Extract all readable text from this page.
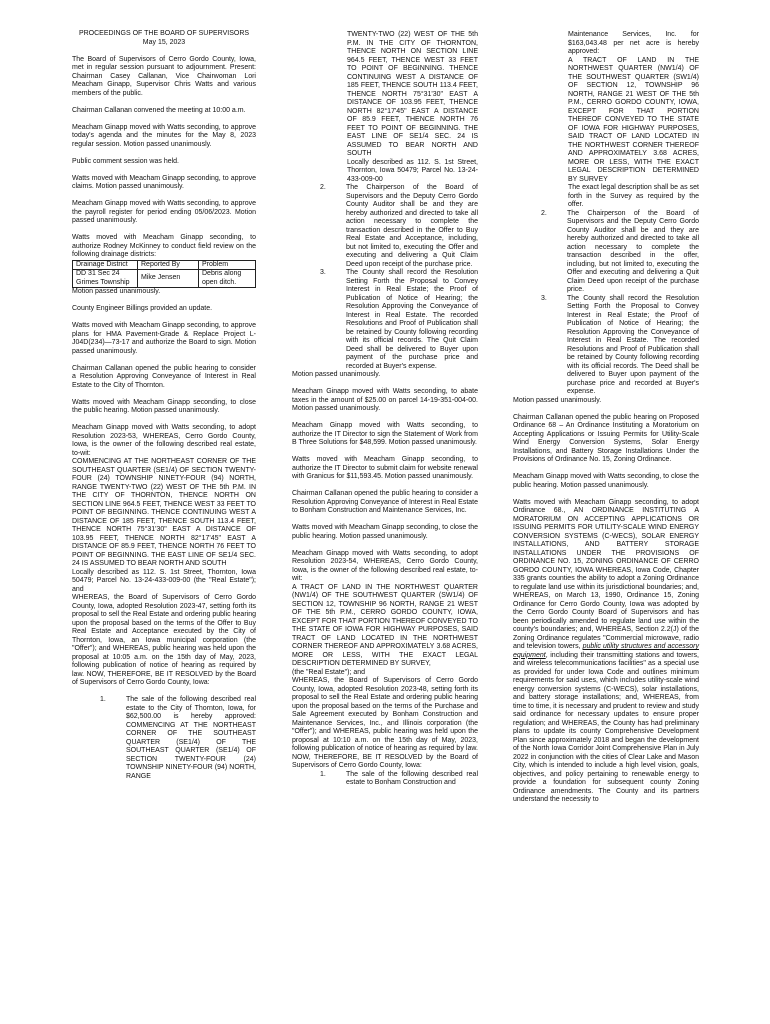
PROCEEDINGS OF THE BOARD OF SUPERVISORS

May 15, 2023

The Board of Supervisors of Cerro Gordo County, Iowa, met in regular session pursuant to adjournment. Present: Chairman Casey Callanan, Vice Chairwoman Lori Meacham Ginapp, Supervisor Chris Watts and various members of the public.

Chairman Callanan convened the meeting at 10:00 a.m.

Meacham Ginapp moved with Watts seconding, to approve today's agenda and the minutes for the May 8, 2023 regular session. Motion passed unanimously.

Public comment session was held.

Watts moved with Meacham Ginapp seconding, to approve claims. Motion passed unanimously.

Meacham Ginapp moved with Watts seconding, to approve the payroll register for period ending 05/06/2023. Motion passed unanimously.

Watts moved with Meacham Ginapp seconding, to authorize Rodney McKinney to conduct field review on the following drainage districts:

Drainage District	Reported By	Problem
DD 31 Sec 24 Grimes Township	Mike Jensen	Debris along open ditch.

Motion passed unanimously.

County Engineer Billings provided an update.

Watts moved with Meacham Ginapp seconding, to approve plans for HMA Pavement-Grade & Replace Project L-J04D(234)—73-17 and authorize the Board to sign. Motion passed unanimously.

Chairman Callanan opened the public hearing to consider a Resolution Approving Conveyance of Interest in Real Estate to the City of Thornton.

Watts moved with Meacham Ginapp seconding, to close the public hearing. Motion passed unanimously.

Meacham Ginapp moved with Watts seconding, to adopt Resolution 2023-53, WHEREAS, Cerro Gordo County, Iowa, is the owner of the following described real estate, to-wit:

COMMENCING AT THE NORTHEAST CORNER OF THE SOUTHEAST QUARTER (SE1/4) OF SECTION TWENTY-FOUR (24) TOWNSHIP NINETY-FOUR (94) NORTH, RANGE TWENTY-TWO (22) WEST OF THE 5th P.M. IN THE CITY OF THORNTON, THENCE NORTH ON SECTION LINE 964.5 FEET, THENCE WEST 33 FEET TO POINT OF BEGINNING. THENCE CONTINUING WEST A DISTANCE OF 185 FEET, THENCE SOUTH 113.4 FEET, THENCE NORTH 75°31'30" EAST A DISTANCE OF 103.95 FEET, THENCE NORTH 82°17'45" EAST A DISTANCE OF 85.9 FEET, THENCE NORTH 76 FEET TO POINT OF BEGINNING. THE EAST LINE OF SE1/4 SEC. 24 IS ASSUMED TO BEAR NORTH AND SOUTH

Locally described as 112. S. 1st Street, Thornton, Iowa 50479; Parcel No. 13-24-433-009-00 (the "Real Estate"); and

WHEREAS, the Board of Supervisors of Cerro Gordo County, Iowa, adopted Resolution 2023-47, setting forth its proposal to sell the Real Estate and ordering public hearing upon the proposal based on the terms of the Offer to Buy Real Estate and Acceptance executed by the City of Thornton, Iowa, an Iowa municipal corporation (the "Offer"); and WHEREAS, public hearing was held upon the proposal at 10:05 a.m. on the 15th day of May, 2023, following publication of notice of hearing as required by law. NOW, THEREFORE, BE IT RESOLVED by the Board of Supervisors of Cerro Gordo County, Iowa:

1.	The sale of the following described real estate to the City of Thornton, Iowa, for $62,500.00 is hereby approved: COMMENCING AT THE NORTHEAST CORNER OF THE SOUTHEAST QUARTER (SE1/4) OF THE SOUTHEAST QUARTER (SE1/4) OF SECTION TWENTY-FOUR (24) TOWNSHIP NINETY-FOUR (94) NORTH, RANGE

TWENTY-TWO (22) WEST OF THE 5th P.M. IN THE CITY OF THORNTON, THENCE NORTH ON SECTION LINE 964.5 FEET, THENCE WEST 33 FEET TO POINT OF BEGINNING. THENCE CONTINUING WEST A DISTANCE OF 185 FEET, THENCE SOUTH 113.4 FEET, THENCE NORTH 75°31'30" EAST A DISTANCE OF 103.95 FEET, THENCE NORTH 82°17'45" EAST A DISTANCE OF 85.9 FEET, THENCE NORTH 76 FEET TO POINT OF BEGINNING. THE EAST LINE OF SE1/4 SEC. 24 IS ASSUMED TO BEAR NORTH AND SOUTH

Locally described as 112. S. 1st Street, Thornton, Iowa 50479; Parcel No. 13-24-433-009-00

2.	The Chairperson of the Board of Supervisors and the Deputy Cerro Gordo County Auditor shall be and they are hereby authorized and directed to take all action necessary to complete the transaction described in the Offer to Buy Real Estate and Acceptance, including, but not limited to, executing the Offer and executing and delivering a Quit Claim Deed upon receipt of the purchase price.
3.	The County shall record the Resolution Setting Forth the Proposal to Convey Interest in Real Estate; the Proof of Publication of Notice of Hearing; the Resolution Approving the Conveyance of Interest in Real Estate. The recorded Resolutions and Proof of Publication shall be retained by County following recording with its official records. The Quit Claim Deed shall be delivered to Buyer upon payment of the purchase price and recorded at Buyer's expense.

Motion passed unanimously.

Meacham Ginapp moved with Watts seconding, to abate taxes in the amount of $25.00 on parcel 14-19-351-004-00. Motion passed unanimously.

Meacham Ginapp moved with Watts seconding, to authorize the IT Director to sign the Statement of Work from B Three Solutions for $48,599. Motion passed unanimously.

Watts moved with Meacham Ginapp seconding, to authorize the IT Director to submit claim for website renewal with Granicus for $11,593.45. Motion passed unanimously.

Chairman Callanan opened the public hearing to consider a Resolution Approving Conveyance of Interest in Real Estate to Bonham Construction and Maintenance Services, Inc.

Watts moved with Meacham Ginapp seconding, to close the public hearing. Motion passed unanimously.

Meacham Ginapp moved with Watts seconding, to adopt Resolution 2023-54, WHEREAS, Cerro Gordo County, Iowa, is the owner of the following described real estate, to-wit:

A TRACT OF LAND IN THE NORTHWEST QUARTER (NW1/4) OF THE SOUTHWEST QUARTER (SW1/4) OF SECTION 12, TOWNSHIP 96 NORTH, RANGE 21 WEST OF THE 5th P.M., CERRO GORDO COUNTY, IOWA, EXCEPT FOR THAT PORTION THEREOF CONVEYED TO THE STATE OF IOWA FOR HIGHWAY PURPOSES, SAID TRACT OF LAND LOCATED IN THE NORTHWEST CORNER THEREOF AND APPROXIMATELY 3.68 ACRES, MORE OR LESS, WITH THE EXACT LEGAL DESCRIPTION DETERMINED BY SURVEY,

(the "Real Estate"); and

WHEREAS, the Board of Supervisors of Cerro Gordo County, Iowa, adopted Resolution 2023-48, setting forth its proposal to sell the Real Estate and ordering public hearing upon the proposal based on the terms of the Purchase and Sale Agreement executed by Bonham Construction and Maintenance Services, Inc., and Illinois corporation (the "Offer"); and WHEREAS, public hearing was held upon the proposal at 10:10 a.m. on the 15th day of May, 2023, following publication of notice of hearing as required by law. NOW, THEREFORE, BE IT RESOLVED by the Board of Supervisors of Cerro Gordo County, Iowa:

1.	The sale of the following described real estate to Bonham Construction and

Maintenance Services, Inc. for $163,043.48 per net acre is hereby approved:

A TRACT OF LAND IN THE NORTHWEST QUARTER (NW1/4) OF THE SOUTHWEST QUARTER (SW1/4) OF SECTION 12, TOWNSHIP 96 NORTH, RANGE 21 WEST OF THE 5th P.M., CERRO GORDO COUNTY, IOWA, EXCEPT FOR THAT PORTION THEREOF CONVEYED TO THE STATE OF IOWA FOR HIGHWAY PURPOSES, SAID TRACT OF LAND LOCATED IN THE NORTHWEST CORNER THEREOF AND APPROXIMATELY 3.68 ACRES, MORE OR LESS, WITH THE EXACT LEGAL DESCRIPTION DETERMINED BY SURVEY

The exact legal description shall be as set forth in the Survey as required by the offer.

2.	The Chairperson of the Board of Supervisors and the Deputy Cerro Gordo County Auditor shall be and they are hereby authorized and directed to take all action necessary to complete the transaction described in the offer, including, but not limited to, executing the Offer and executing and delivering a Quit Claim Deed upon receipt of the purchase price.
3.	The County shall record the Resolution Setting Forth the Proposal to Convey Interest in Real Estate; the Proof of Publication of Notice of Hearing; the Resolution Approving the Conveyance of Interest in Real Estate. The recorded Resolutions and Proof of Publication shall be retained by County following recording with its official records. The Deed shall be delivered to Buyer upon payment of the purchase price and recorded at Buyer's expense.

Motion passed unanimously.

Chairman Callanan opened the public hearing on Proposed Ordinance 68 – An Ordinance Instituting a Moratorium on Accepting Applications or Issuing Permits for Utility-Scale Wind Energy Conversion Systems, Solar Energy Installations, and Battery Storage Installations Under the Provisions of Ordinance No. 15, Zoning Ordinance.

Meacham Ginapp moved with Watts seconding, to close the public hearing. Motion passed unanimously.

Watts moved with Meacham Ginapp seconding, to adopt Ordinance 68., AN ORDINANCE INSTITUTING A MORATORIUM ON ACCEPTING APPLICATIONS OR ISSUING PERMITS FOR UTILITY-SCALE WIND ENERGY CONVERSION SYSTEMS (C-WECS), SOLAR ENERGY INSTALLATIONS, AND BATTERY STORAGE INSTALLATIONS UNDER THE PROVISIONS OF ORDINANCE NO. 15, ZONING ORDINANCE OF CERRO GORDO COUNTY, IOWA WHEREAS, Iowa Code, Chapter 335 grants counties the ability to adopt a Zoning Ordinance to regulate land use within its jurisdictional boundaries; and, WHEREAS, on March 13, 1990, Ordinance 15, Zoning Ordinance for Cerro Gordo County, Iowa was adopted by the Cerro Gordo County Board of Supervisors and has been periodically amended to regulate land use within the county's boundaries; and, WHEREAS, Section 2.2(J) of the Zoning Ordinance regulates "Commercial microwave, radio and television towers, public utility structures and accessory equipment, including their transmitting stations and towers, and wireless telecommunications facilities" as a special use as provided for under Iowa Code and outlines minimum requirements for said uses, which includes utility-scale wind energy conversion systems (C-WECS), solar installations, and battery storage installations; and, WHEREAS, from time to time, it is necessary and prudent to review and study said ordinance for necessary updates to ensure proper regulation; and WHEREAS, the County has had preliminary plans to update its county Comprehensive Development Plan since approximately 2018 and began the development of the North Iowa Corridor Joint Comprehensive Plan in July 2022 in conjunction with the cities of Clear Lake and Mason City, which is intended to include a high level vision, goals, objectives, and policy pertaining to renewable energy to provide a foundation for subsequent county Zoning Ordinance amendments. The County and its partners understand the necessity to
